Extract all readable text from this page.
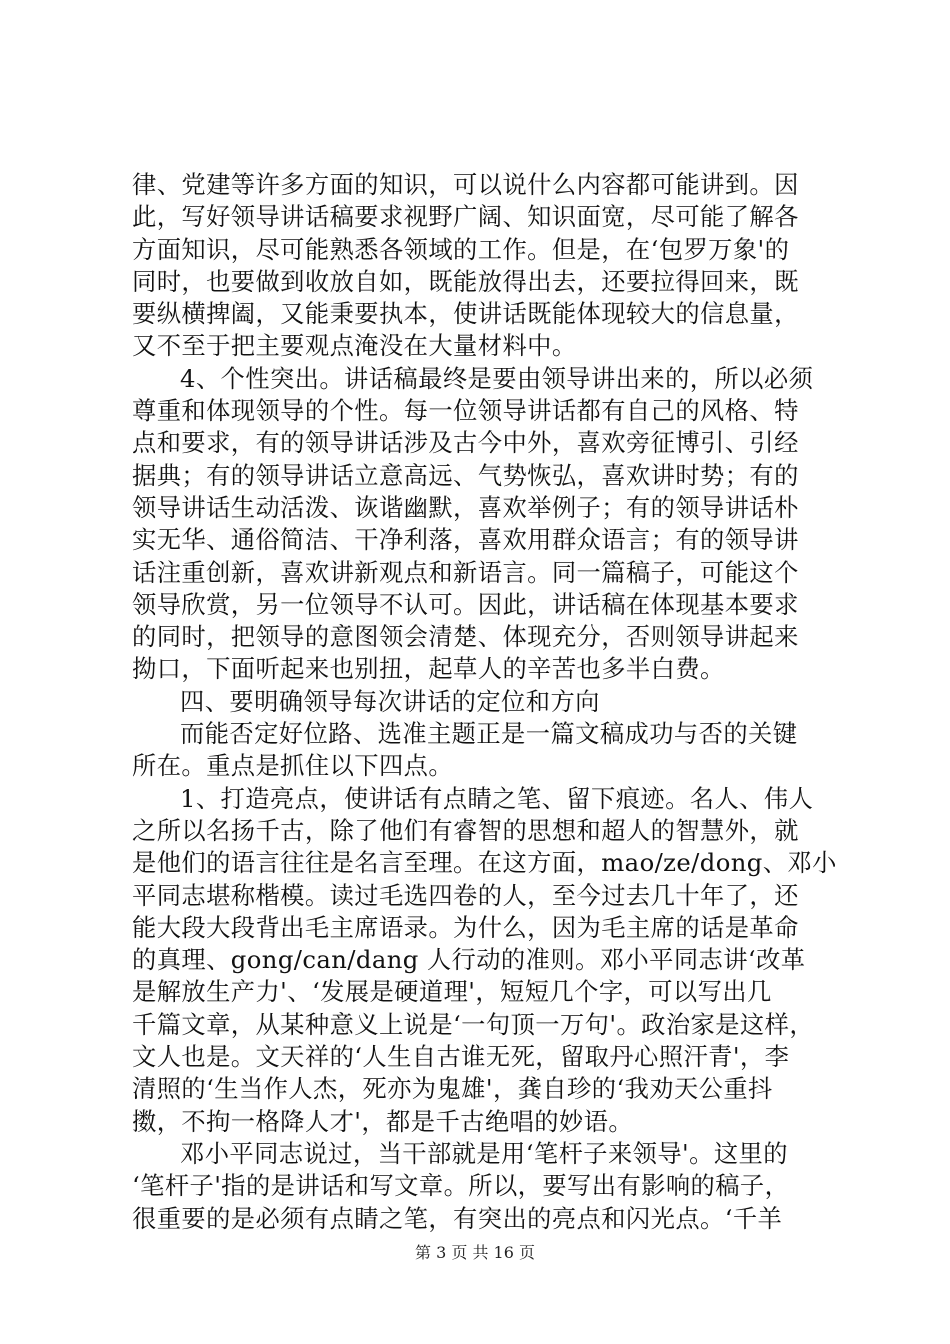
律、党建等许多方面的知识，可以说什么内容都可能讲到。因
此，写好领导讲话稿要求视野广阔、知识面宽，尽可能了解各
方面知识，尽可能熟悉各领域的工作。但是，在‘包罗万象'的
同时，也要做到收放自如，既能放得出去，还要拉得回来，既
要纵横捭阖，又能秉要执本，使讲话既能体现较大的信息量，
又不至于把主要观点淹没在大量材料中。
4、个性突出。讲话稿最终是要由领导讲出来的，所以必须
尊重和体现领导的个性。每一位领导讲话都有自己的风格、特
点和要求，有的领导讲话涉及古今中外，喜欢旁征博引、引经
据典；有的领导讲话立意高远、气势恢弘，喜欢讲时势；有的
领导讲话生动活泼、诙谐幽默，喜欢举例子；有的领导讲话朴
实无华、通俗简洁、干净利落，喜欢用群众语言；有的领导讲
话注重创新，喜欢讲新观点和新语言。同一篇稿子，可能这个
领导欣赏，另一位领导不认可。因此，讲话稿在体现基本要求
的同时，把领导的意图领会清楚、体现充分，否则领导讲起来
拗口，下面听起来也别扭，起草人的辛苦也多半白费。
四、要明确领导每次讲话的定位和方向
而能否定好位路、选准主题正是一篇文稿成功与否的关键
所在。重点是抓住以下四点。
1、打造亮点，使讲话有点睛之笔、留下痕迹。名人、伟人
之所以名扬千古，除了他们有睿智的思想和超人的智慧外，就
是他们的语言往往是名言至理。在这方面，mao/ze/dong、邓小
平同志堪称楷模。读过毛选四卷的人，至今过去几十年了，还
能大段大段背出毛主席语录。为什么，因为毛主席的话是革命
的真理、gong/can/dang 人行动的准则。邓小平同志讲‘改革
是解放生产力'、‘发展是硬道理'，短短几个字，可以写出几
千篇文章，从某种意义上说是‘一句顶一万句'。政治家是这样，
文人也是。文天祥的‘人生自古谁无死，留取丹心照汗青'，李
清照的‘生当作人杰，死亦为鬼雄'，龚自珍的‘我劝天公重抖
擞，不拘一格降人才'，都是千古绝唱的妙语。
邓小平同志说过，当干部就是用‘笔杆子来领导'。这里的
‘笔杆子'指的是讲话和写文章。所以，要写出有影响的稿子，
很重要的是必须有点睛之笔，有突出的亮点和闪光点。‘千羊
第 3 页 共 16 页
